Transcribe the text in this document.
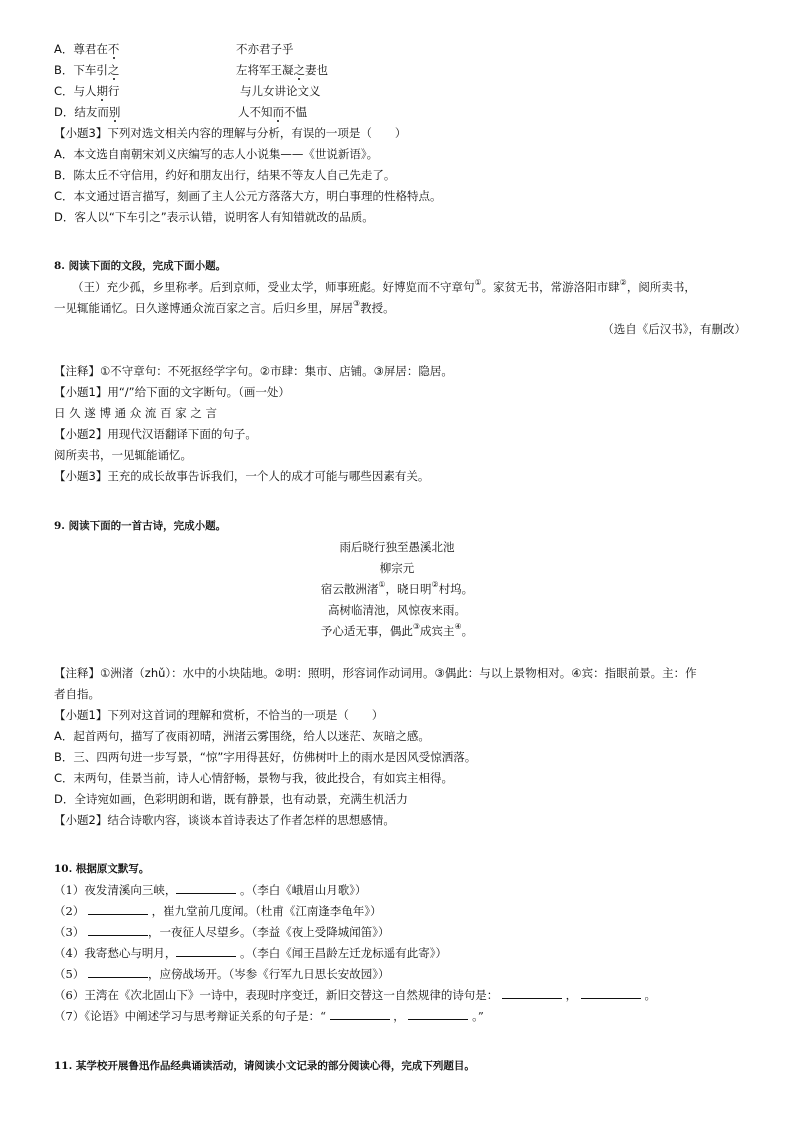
A．尊君在不	不亦君子乎
B．下车引之	左将军王凝之妻也
C．与人期行	与儿女讲论文义
D．结友而别	人不知而不愠
【小题3】下列对选文相关内容的理解与分析，有误的一项是（　　）
A．本文选自南朝宋刘义庆编写的志人小说集——《世说新语》。
B．陈太丘不守信用，约好和朋友出行，结果不等友人自己先走了。
C．本文通过语言描写，刻画了主人公元方落落大方，明白事理的性格特点。
D．客人以“下车引之”表示认错，说明客人有知错就改的品质。
8. 阅读下面的文段，完成下面小题。
（王）充少孤，乡里称孝。后到京师，受业太学，师事班彪。好博览而不守章句①。家贫无书，常游洛阳市肆②，阅所卖书，
一见辄能诵忆。日久遂博通众流百家之言。后归乡里，屏居③教授。
（选自《后汉书》，有删改）
【注释】①不守章句：不死抠经学字句。②市肆：集市、店铺。③屏居：隐居。
【小题1】用“/”给下面的文字断句。（画一处）
日 久 遂 博 通 众 流 百 家 之 言
【小题2】用现代汉语翻译下面的句子。
阅所卖书，一见辄能诵忆。
【小题3】王充的成长故事告诉我们，一个人的成才可能与哪些因素有关。
9. 阅读下面的一首古诗，完成小题。
雨后晓行独至愚溪北池
柳宗元
宿云散洲渚①，晓日明②村坞。
高树临清池，风惊夜来雨。
予心适无事，偶此③成宾主④。
【注释】①洲渚（zhǔ）：水中的小块陆地。②明：照明，形容词作动词用。③偶此：与以上景物相对。④宾：指眼前景。主：作
者自指。
【小题1】下列对这首词的理解和赏析，不恰当的一项是（　　）
A．起首两句，描写了夜雨初晴，洲渚云雾围绕，给人以迷茫、灰暗之感。
B．三、四两句进一步写景，“惊”字用得甚好，仿佛树叶上的雨水是因风受惊洒落。
C．末两句，佳景当前，诗人心情舒畅，景物与我，彼此投合，有如宾主相得。
D．全诗宛如画，色彩明朗和谐，既有静景，也有动景，充满生机活力
【小题2】结合诗歌内容，谈谈本首诗表达了作者怎样的思想感情。
10. 根据原文默写。
（1）夜发清溪向三峡，	。（李白《峨眉山月歌》）
（2）	，崔九堂前几度闻。（杜甫《江南逢李龟年》）
（3）	，一夜征人尽望乡。（李益《夜上受降城闻笛》）
（4）我寄愁心与明月，	。（李白《闻王昌龄左迁龙标遥有此寄》）
（5）	，应傍战场开。（岑参《行军九日思长安故园》）
（6）王湾在《次北固山下》一诗中，表现时序变迁，新旧交替这一自然规律的诗句是：	，	。
（7）《论语》中阐述学习与思考辩证关系的句子是：“	，	。”
11. 某学校开展鲁迅作品经典诵读活动，请阅读小文记录的部分阅读心得，完成下列题目。
